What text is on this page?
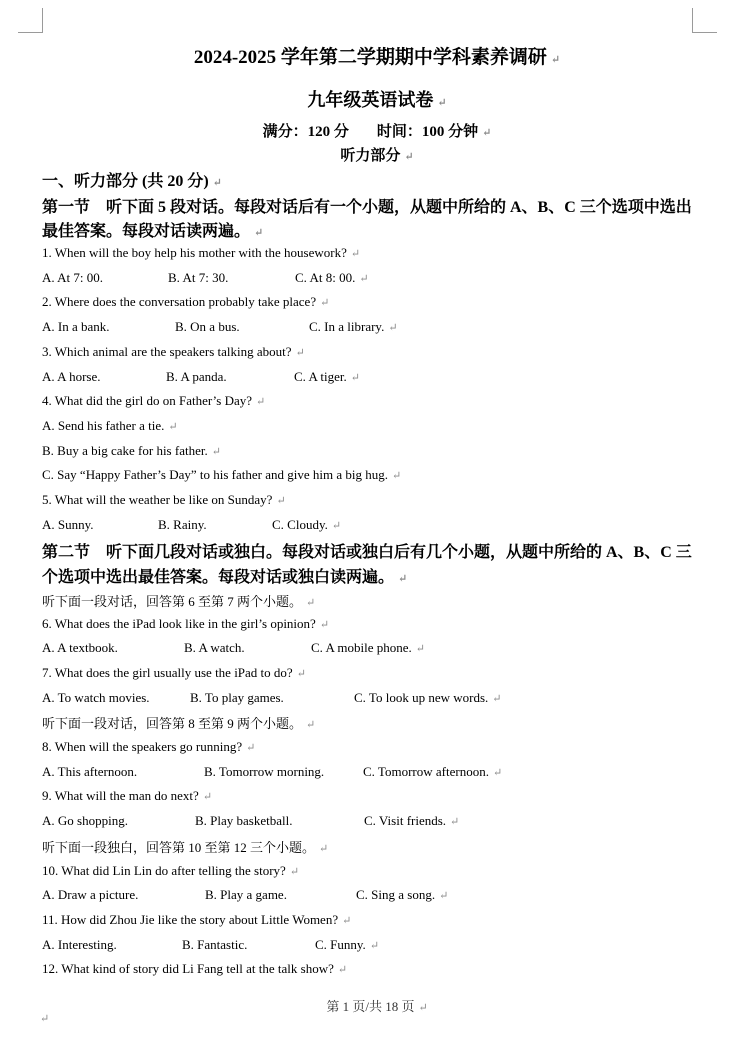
2024-2025 学年第二学期期中学科素养调研 ↵
九年级英语试卷 ↵
满分：120 分 时间：100 分钟 ↵
听力部分 ↵
一、听力部分 (共 20 分) ↵
第一节　听下面 5 段对话。每段对话后有一个小题，从题中所给的 A、B、C 三个选项中选出
最佳答案。每段对话读两遍。 ↵
1. When will the boy help his mother with the housework? ↵
A. At 7: 00.	B. At 7: 30.	C. At 8: 00. ↵
2. Where does the conversation probably take place? ↵
A. In a bank.	B. On a bus.	C. In a library. ↵
3. Which animal are the speakers talking about? ↵
A. A horse.	B. A panda.	C. A tiger. ↵
4. What did the girl do on Father’s Day? ↵
A. Send his father a tie. ↵
B. Buy a big cake for his father. ↵
C. Say “Happy Father’s Day” to his father and give him a big hug. ↵
5. What will the weather be like on Sunday? ↵
A. Sunny.	B. Rainy.	C. Cloudy. ↵
第二节　听下面几段对话或独白。每段对话或独白后有几个小题，从题中所给的 A、B、C 三
个选项中选出最佳答案。每段对话或独白读两遍。 ↵
听下面一段对话，回答第 6 至第 7 两个小题。 ↵
6. What does the iPad look like in the girl’s opinion? ↵
A. A textbook.	B. A watch.	C. A mobile phone. ↵
7. What does the girl usually use the iPad to do? ↵
A. To watch movies.	B. To play games.	C. To look up new words. ↵
听下面一段对话，回答第 8 至第 9 两个小题。 ↵
8. When will the speakers go running? ↵
A. This afternoon.	B. Tomorrow morning.	C. Tomorrow afternoon. ↵
9. What will the man do next? ↵
A. Go shopping.	B. Play basketball.	C. Visit friends. ↵
听下面一段独白，回答第 10 至第 12 三个小题。 ↵
10. What did Lin Lin do after telling the story? ↵
A. Draw a picture.	B. Play a game.	C. Sing a song. ↵
11. How did Zhou Jie like the story about Little Women? ↵
A. Interesting.	B. Fantastic.	C. Funny. ↵
12. What kind of story did Li Fang tell at the talk show? ↵
第 1 页/共 18 页 ↵
↵
